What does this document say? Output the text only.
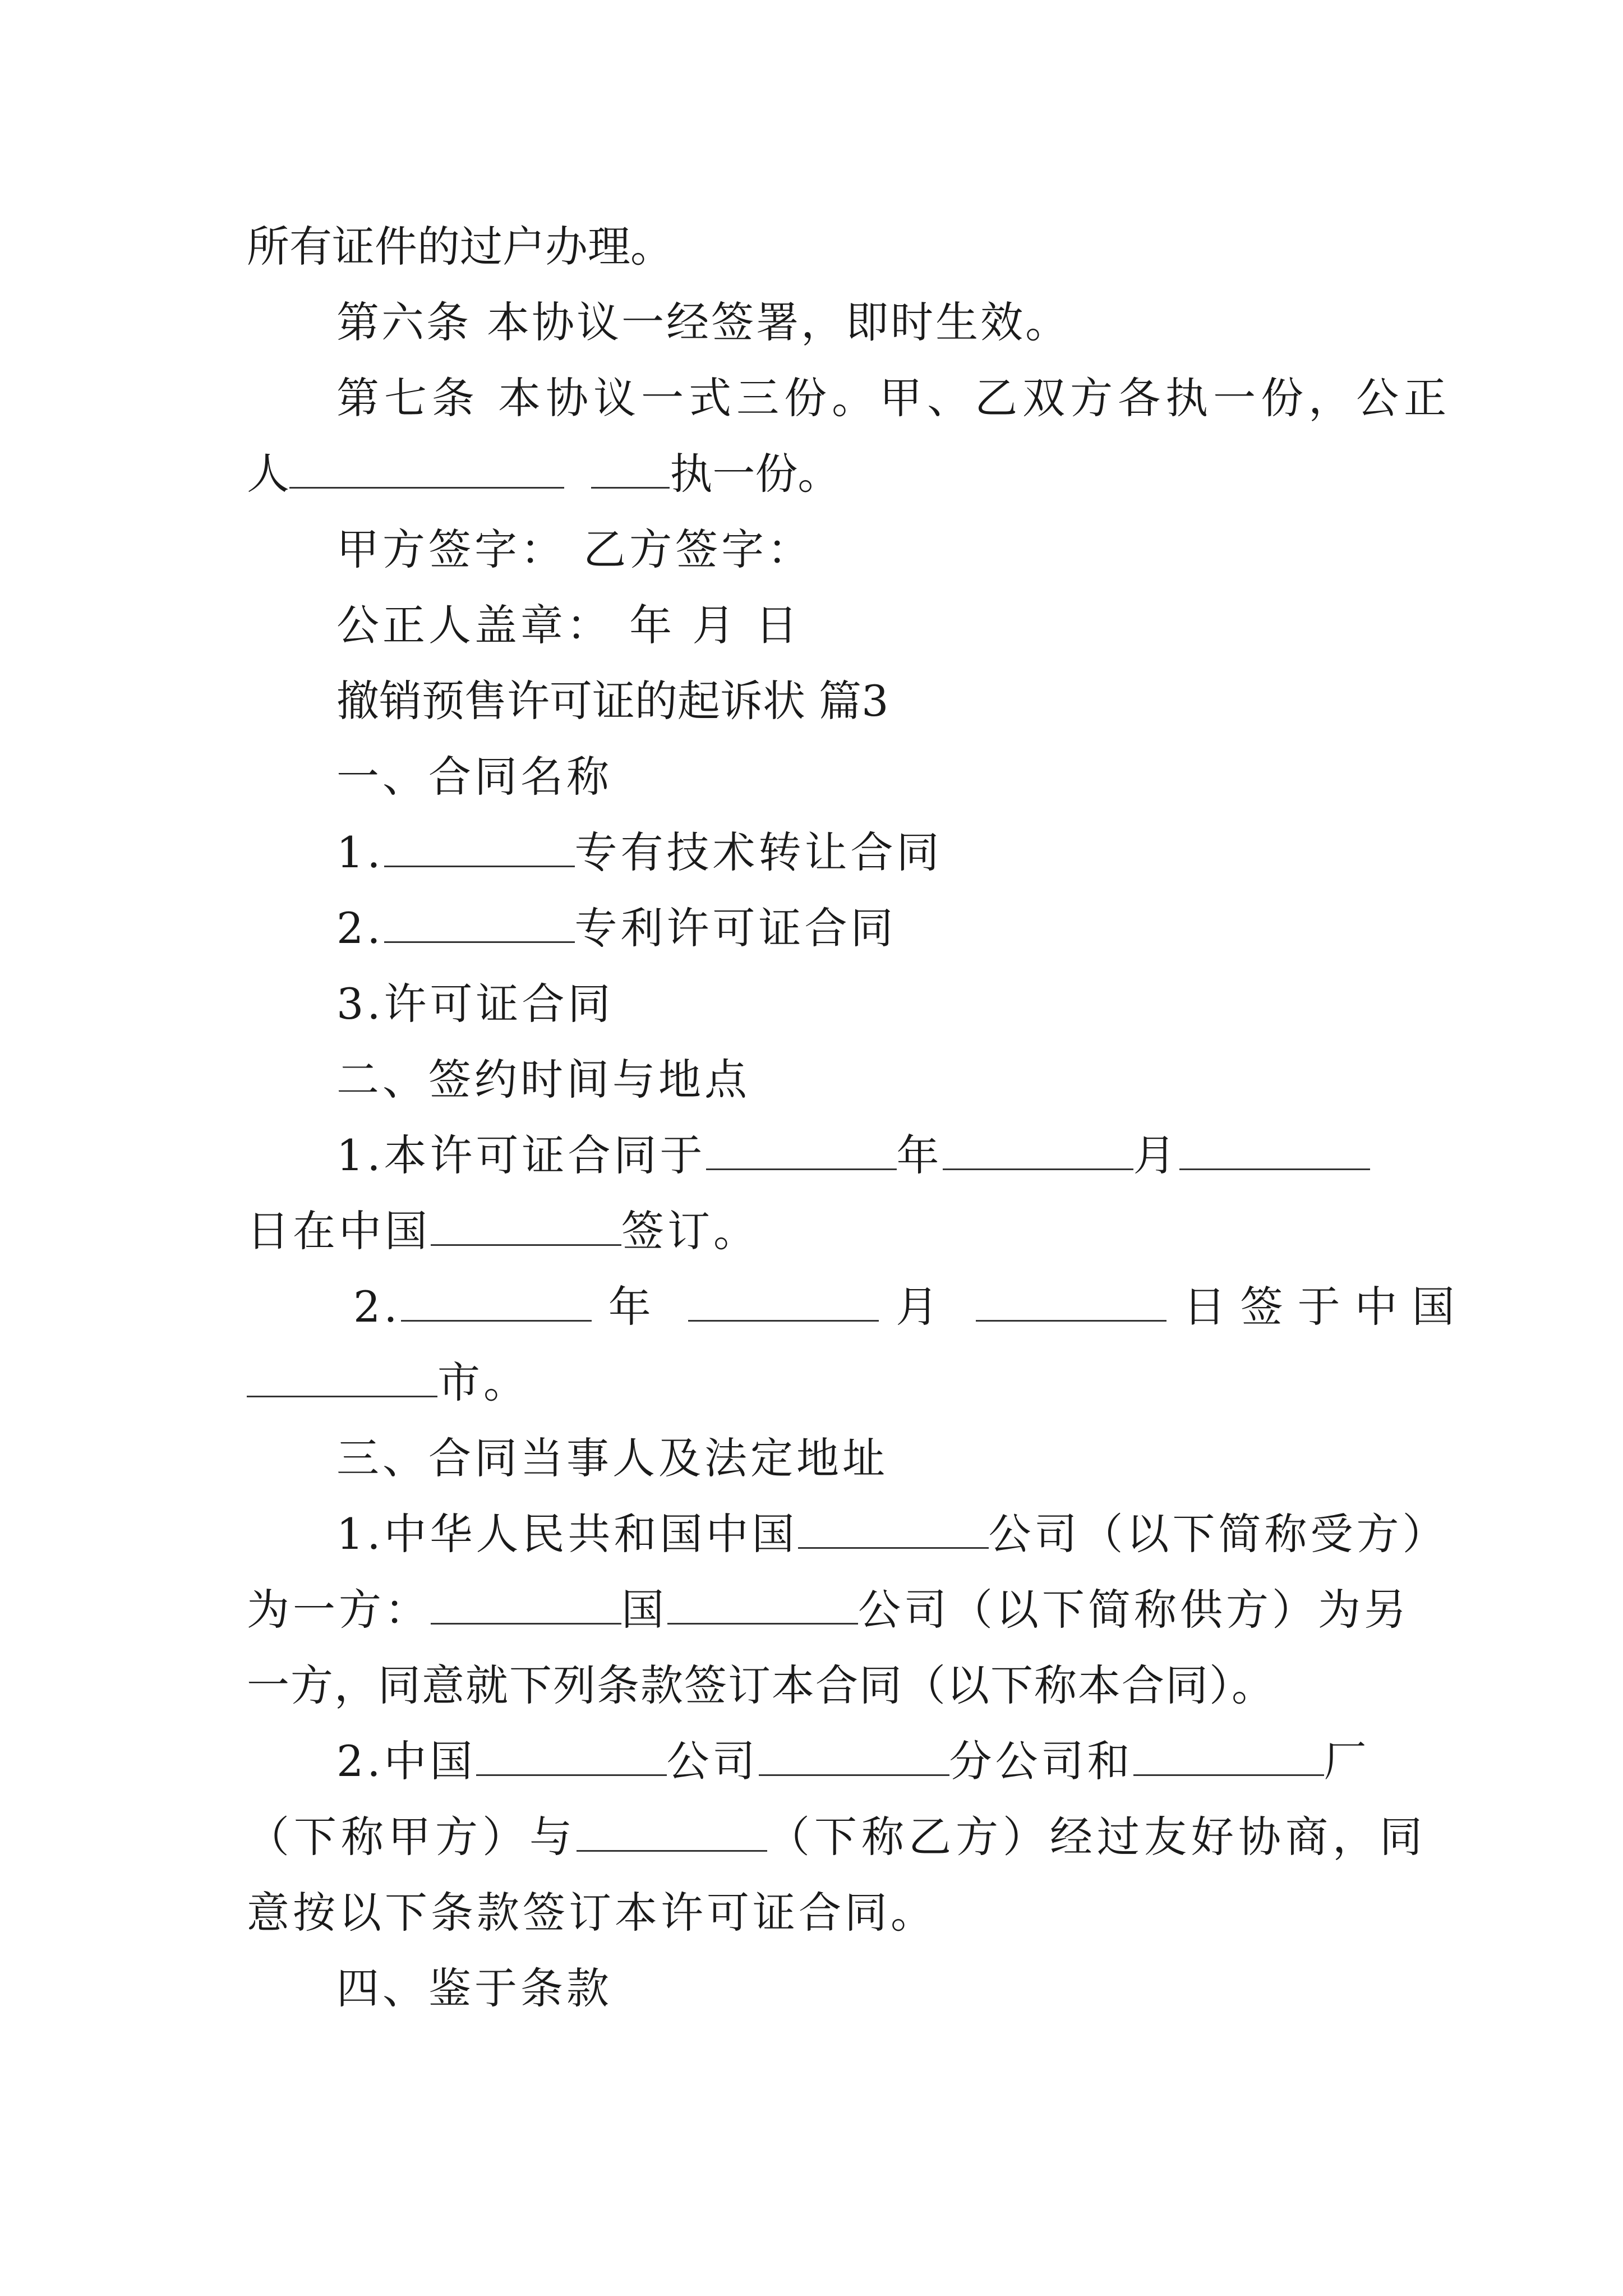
所有证件的过户办理。
第六条 本协议一经签署，即时生效。
第七条 本协议一式三份。甲、乙双方各执一份，公正
人	执一份。
甲方签字： 乙方签字：
公正人盖章： 年 月 日
撤销预售许可证的起诉状 篇3
一、合同名称
1.	专有技术转让合同
2.	专利许可证合同
3.许可证合同
二、签约时间与地点
1.本许可证合同于	年	月
日在中国	签订。
2.	年	月	日签于中国
市。
三、合同当事人及法定地址
1.中华人民共和国中国	公司（以下简称受方）
为一方：	国	公司（以下简称供方）为另
一方，同意就下列条款签订本合同（以下称本合同）。
2.中国	公司	分公司和	厂
（下称甲方）与	（下称乙方）经过友好协商，同
意按以下条款签订本许可证合同。
四、鉴于条款
